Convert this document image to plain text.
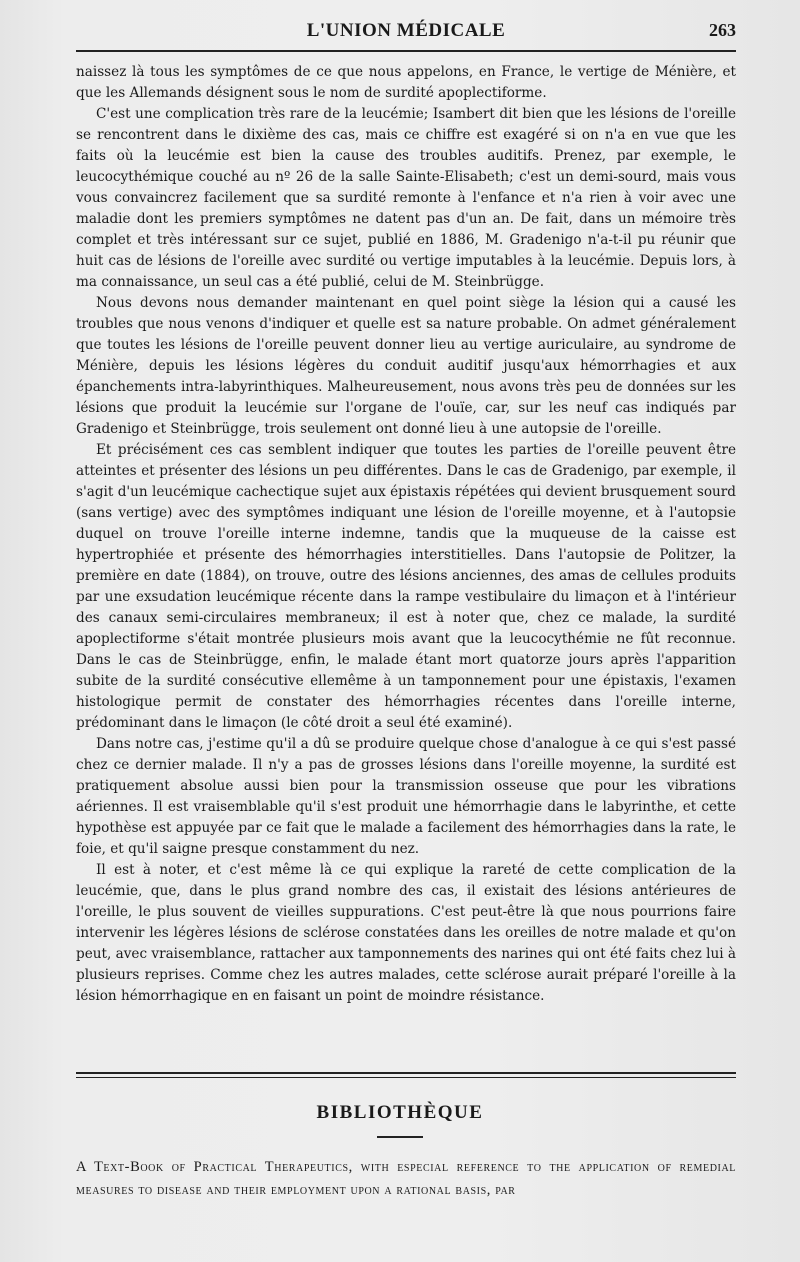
L'UNION MÉDICALE	263

naissez là tous les symptômes de ce que nous appelons, en France, le vertige de Ménière, et que les Allemands désignent sous le nom de surdité apoplectiforme.

C'est une complication très rare de la leucémie; Isambert dit bien que les lésions de l'oreille se rencontrent dans le dixième des cas, mais ce chiffre est exagéré si on n'a en vue que les faits où la leucémie est bien la cause des troubles auditifs. Prenez, par exemple, le leucocythémique couché au nº 26 de la salle Sainte-Elisabeth; c'est un demi-sourd, mais vous vous convaincrez facilement que sa surdité remonte à l'enfance et n'a rien à voir avec une maladie dont les premiers symptômes ne datent pas d'un an. De fait, dans un mémoire très complet et très intéressant sur ce sujet, publié en 1886, M. Gradenigo n'a-t-il pu réunir que huit cas de lésions de l'oreille avec surdité ou vertige imputables à la leucémie. Depuis lors, à ma connaissance, un seul cas a été publié, celui de M. Steinbrügge.

Nous devons nous demander maintenant en quel point siège la lésion qui a causé les troubles que nous venons d'indiquer et quelle est sa nature probable. On admet généralement que toutes les lésions de l'oreille peuvent donner lieu au vertige auriculaire, au syndrome de Ménière, depuis les lésions légères du conduit auditif jusqu'aux hémorrhagies et aux épanchements intra-labyrinthiques. Malheureusement, nous avons très peu de données sur les lésions que produit la leucémie sur l'organe de l'ouïe, car, sur les neuf cas indiqués par Gradenigo et Steinbrügge, trois seulement ont donné lieu à une autopsie de l'oreille.

Et précisément ces cas semblent indiquer que toutes les parties de l'oreille peuvent être atteintes et présenter des lésions un peu différentes. Dans le cas de Gradenigo, par exemple, il s'agit d'un leucémique cachectique sujet aux épistaxis répétées qui devient brusquement sourd (sans vertige) avec des symptômes indiquant une lésion de l'oreille moyenne, et à l'autopsie duquel on trouve l'oreille interne indemne, tandis que la muqueuse de la caisse est hypertrophiée et présente des hémorrhagies interstitielles. Dans l'autopsie de Politzer, la première en date (1884), on trouve, outre des lésions anciennes, des amas de cellules produits par une exsudation leucémique récente dans la rampe vestibulaire du limaçon et à l'intérieur des canaux semi-circulaires membraneux; il est à noter que, chez ce malade, la surdité apoplectiforme s'était montrée plusieurs mois avant que la leucocythémie ne fût reconnue. Dans le cas de Steinbrügge, enfin, le malade étant mort quatorze jours après l'apparition subite de la surdité consécutive ellemême à un tamponnement pour une épistaxis, l'examen histologique permit de constater des hémorrhagies récentes dans l'oreille interne, prédominant dans le limaçon (le côté droit a seul été examiné).

Dans notre cas, j'estime qu'il a dû se produire quelque chose d'analogue à ce qui s'est passé chez ce dernier malade. Il n'y a pas de grosses lésions dans l'oreille moyenne, la surdité est pratiquement absolue aussi bien pour la transmission osseuse que pour les vibrations aériennes. Il est vraisemblable qu'il s'est produit une hémorrhagie dans le labyrinthe, et cette hypothèse est appuyée par ce fait que le malade a facilement des hémorrhagies dans la rate, le foie, et qu'il saigne presque constamment du nez.

Il est à noter, et c'est même là ce qui explique la rareté de cette complication de la leucémie, que, dans le plus grand nombre des cas, il existait des lésions antérieures de l'oreille, le plus souvent de vieilles suppurations. C'est peut-être là que nous pourrions faire intervenir les légères lésions de sclérose constatées dans les oreilles de notre malade et qu'on peut, avec vraisemblance, rattacher aux tamponnements des narines qui ont été faits chez lui à plusieurs reprises. Comme chez les autres malades, cette sclérose aurait préparé l'oreille à la lésion hémorrhagique en en faisant un point de moindre résistance.

BIBLIOTHÈQUE
A Text-Book of Practical Therapeutics, with especial reference to the application of remedial measures to disease and their employment upon a rational basis, par
